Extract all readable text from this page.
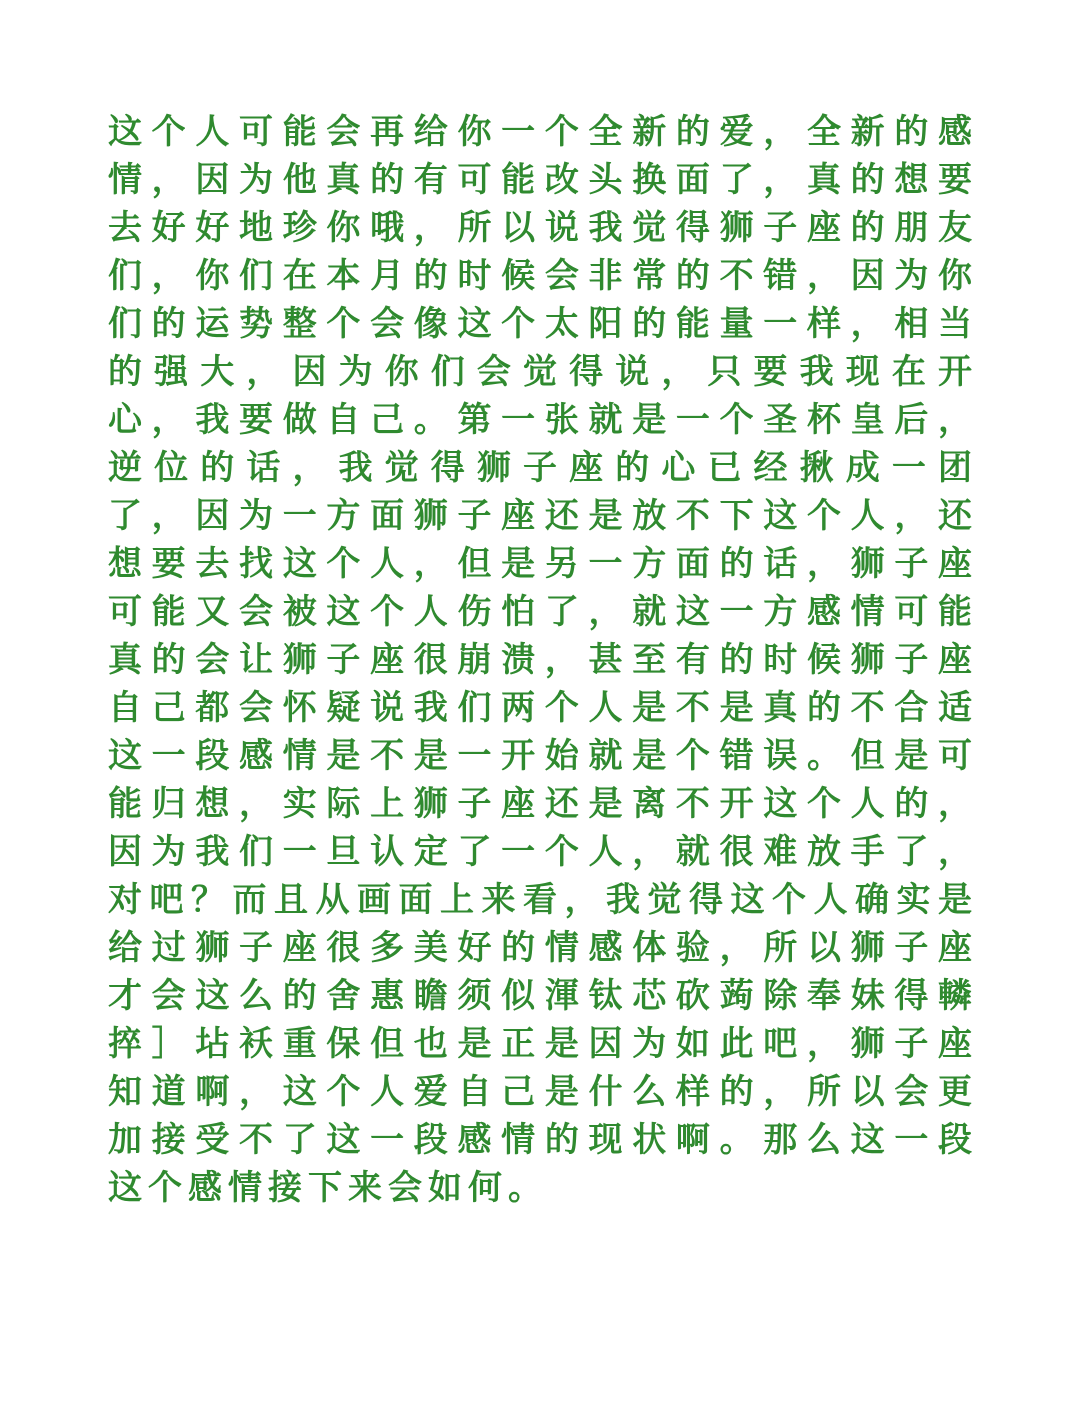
这个人可能会再给你一个全新的爱，全新的感
情，因为他真的有可能改头换面了，真的想要
去好好地珍你哦，所以说我觉得狮子座的朋友
们，你们在本月的时候会非常的不错，因为你
们的运势整个会像这个太阳的能量一样，相当
的强大，因为你们会觉得说，只要我现在开
心，我要做自己。第一张就是一个圣杯皇后，
逆位的话，我觉得狮子座的心已经揪成一团
了，因为一方面狮子座还是放不下这个人，还
想要去找这个人，但是另一方面的话，狮子座
可能又会被这个人伤怕了，就这一方感情可能
真的会让狮子座很崩溃，甚至有的时候狮子座
自己都会怀疑说我们两个人是不是真的不合适
这一段感情是不是一开始就是个错误。但是可
能归想，实际上狮子座还是离不开这个人的，
因为我们一旦认定了一个人，就很难放手了，
对吧？而且从画面上来看，我觉得这个人确实是
给过狮子座很多美好的情感体验，所以狮子座
才会这么的舍惠瞻须似渾钛芯砍蒟除奉妹得轔
捽］坫袄重保但也是正是因为如此吧，狮子座
知道啊，这个人爱自己是什么样的，所以会更
加接受不了这一段感情的现状啊。那么这一段
这个感情接下来会如何。
